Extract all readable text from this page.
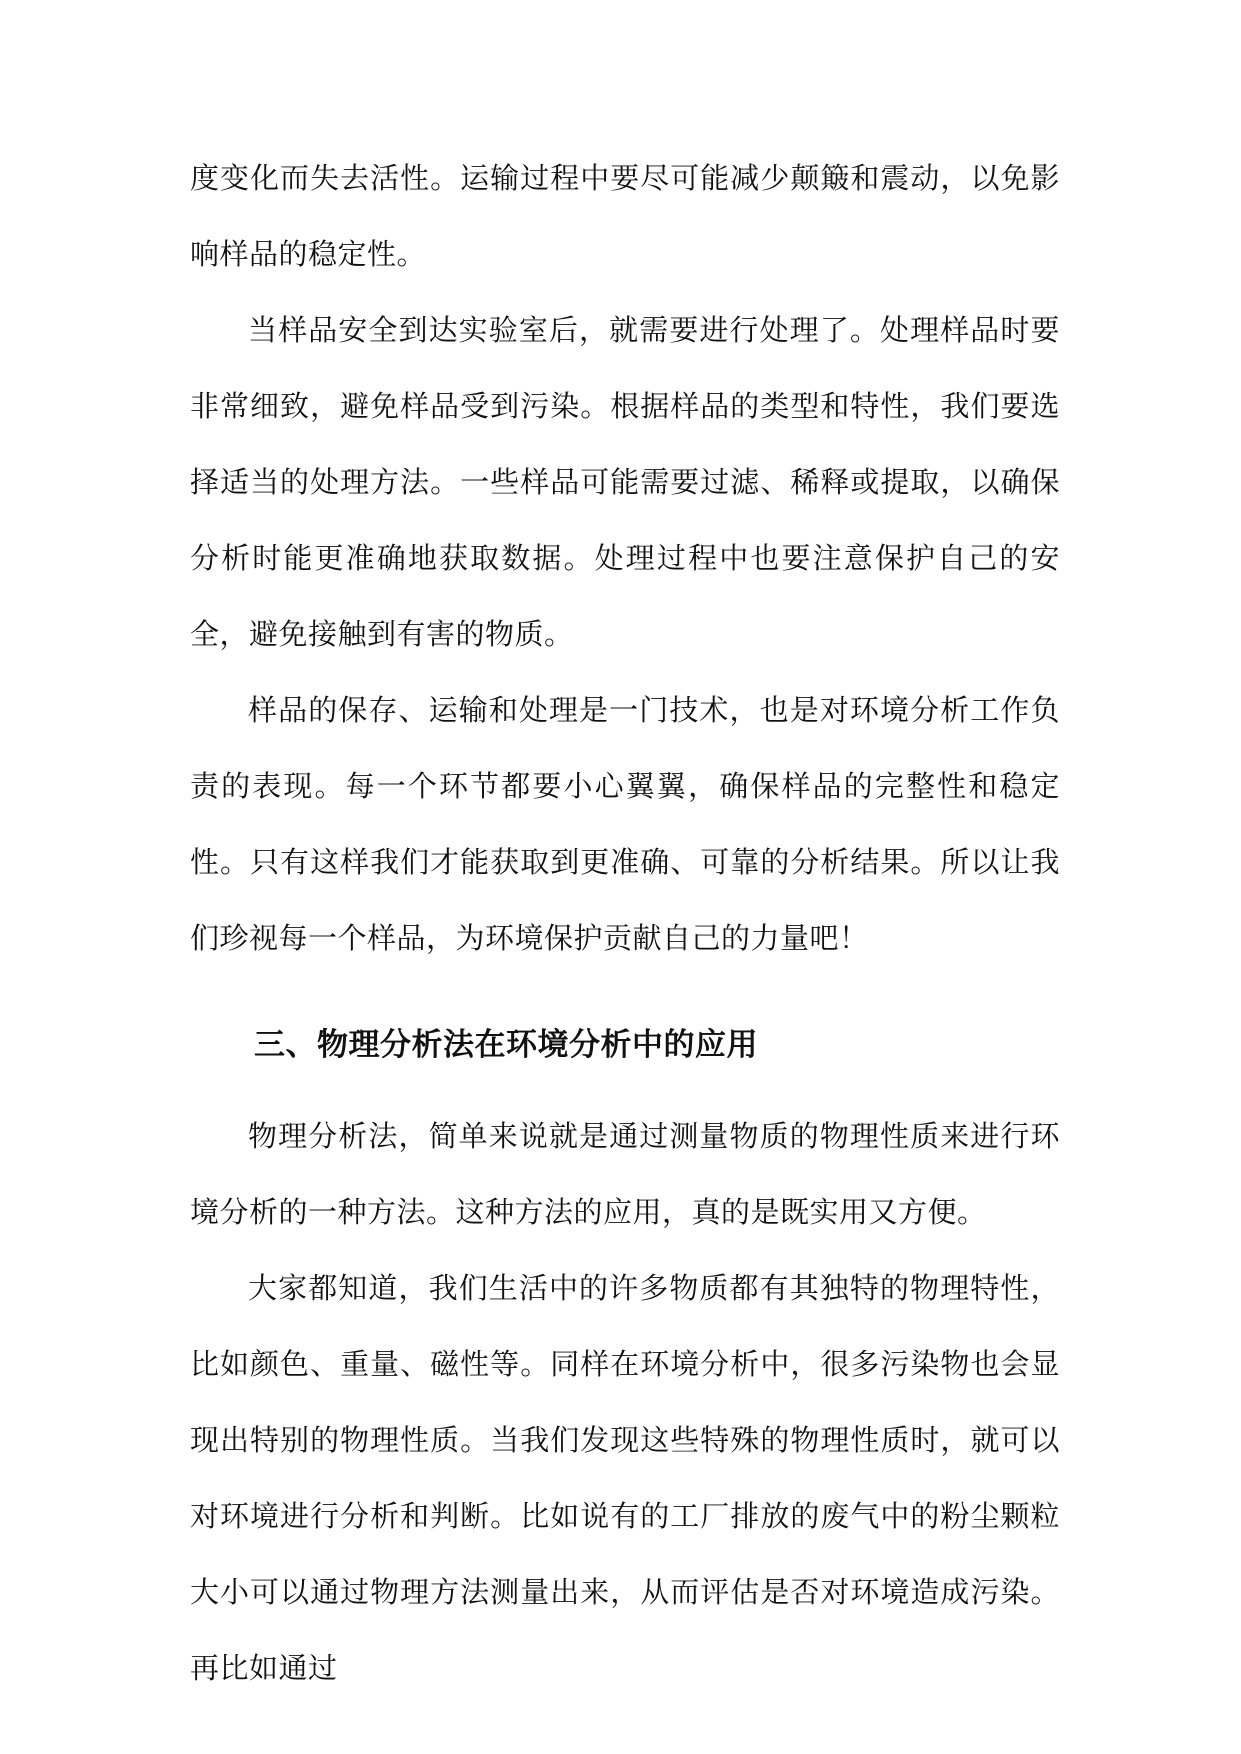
度变化而失去活性。运输过程中要尽可能减少颠簸和震动，以免影响样品的稳定性。

当样品安全到达实验室后，就需要进行处理了。处理样品时要非常细致，避免样品受到污染。根据样品的类型和特性，我们要选择适当的处理方法。一些样品可能需要过滤、稀释或提取，以确保分析时能更准确地获取数据。处理过程中也要注意保护自己的安全，避免接触到有害的物质。

样品的保存、运输和处理是一门技术，也是对环境分析工作负责的表现。每一个环节都要小心翼翼，确保样品的完整性和稳定性。只有这样我们才能获取到更准确、可靠的分析结果。所以让我们珍视每一个样品，为环境保护贡献自己的力量吧！

三、物理分析法在环境分析中的应用

物理分析法，简单来说就是通过测量物质的物理性质来进行环境分析的一种方法。这种方法的应用，真的是既实用又方便。

大家都知道，我们生活中的许多物质都有其独特的物理特性，比如颜色、重量、磁性等。同样在环境分析中，很多污染物也会显现出特别的物理性质。当我们发现这些特殊的物理性质时，就可以对环境进行分析和判断。比如说有的工厂排放的废气中的粉尘颗粒大小可以通过物理方法测量出来，从而评估是否对环境造成污染。再比如通过
